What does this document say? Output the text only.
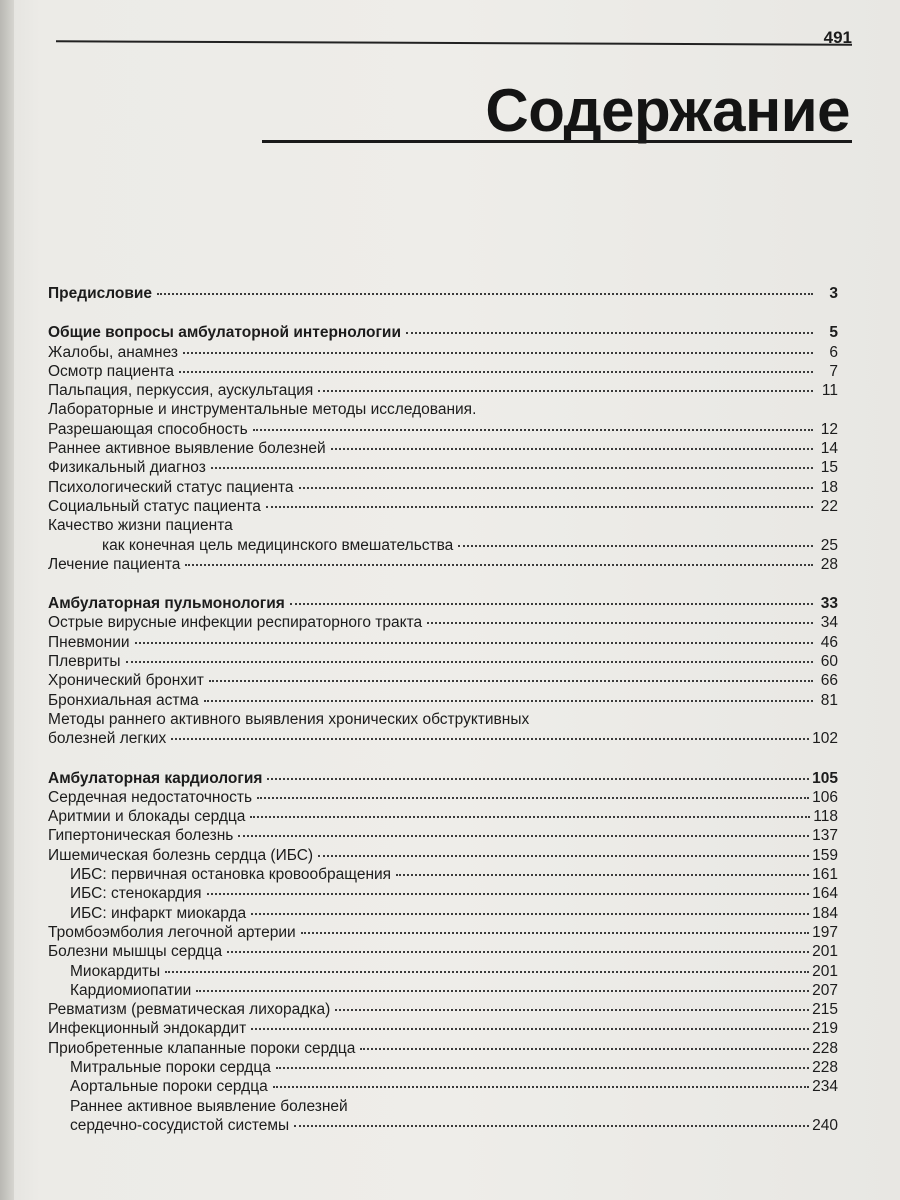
491
Содержание
Предисловие	3
Общие вопросы амбулаторной интернологии	5
Жалобы, анамнез	6
Осмотр пациента	7
Пальпация, перкуссия, аускультация	11
Лабораторные и инструментальные методы исследования.
Разрешающая способность	12
Раннее активное выявление болезней	14
Физикальный диагноз	15
Психологический статус пациента	18
Социальный статус пациента	22
Качество жизни пациента
как конечная цель медицинского вмешательства	25
Лечение пациента	28
Амбулаторная пульмонология	33
Острые вирусные инфекции респираторного тракта	34
Пневмонии	46
Плевриты	60
Хронический бронхит	66
Бронхиальная астма	81
Методы раннего активного выявления хронических обструктивных
болезней легких	102
Амбулаторная кардиология	105
Сердечная недостаточность	106
Аритмии и блокады сердца	118
Гипертоническая болезнь	137
Ишемическая болезнь сердца (ИБС)	159
ИБС: первичная остановка кровообращения	161
ИБС: стенокардия	164
ИБС: инфаркт миокарда	184
Тромбоэмболия легочной артерии	197
Болезни мышцы сердца	201
Миокардиты	201
Кардиомиопатии	207
Ревматизм (ревматическая лихорадка)	215
Инфекционный эндокардит	219
Приобретенные клапанные пороки сердца	228
Митральные пороки сердца	228
Аортальные пороки сердца	234
Раннее активное выявление болезней
сердечно-сосудистой системы	240
